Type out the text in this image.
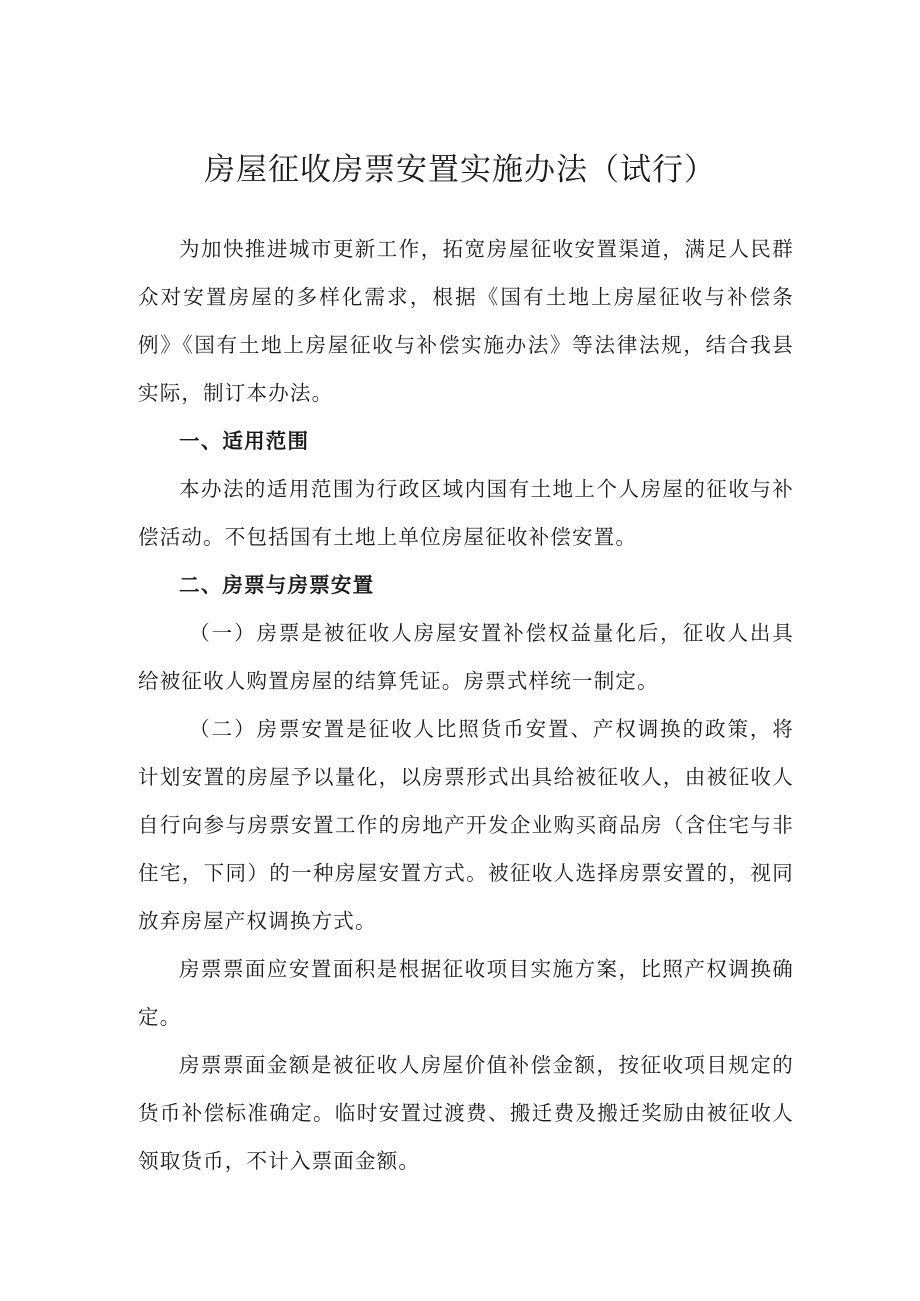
房屋征收房票安置实施办法（试行）

为加快推进城市更新工作，拓宽房屋征收安置渠道，满足人民群众对安置房屋的多样化需求，根据《国有土地上房屋征收与补偿条例》《国有土地上房屋征收与补偿实施办法》等法律法规，结合我县实际，制订本办法。

一、适用范围

本办法的适用范围为行政区域内国有土地上个人房屋的征收与补偿活动。不包括国有土地上单位房屋征收补偿安置。

二、房票与房票安置

（一）房票是被征收人房屋安置补偿权益量化后，征收人出具给被征收人购置房屋的结算凭证。房票式样统一制定。

（二）房票安置是征收人比照货币安置、产权调换的政策，将计划安置的房屋予以量化，以房票形式出具给被征收人，由被征收人自行向参与房票安置工作的房地产开发企业购买商品房（含住宅与非住宅，下同）的一种房屋安置方式。被征收人选择房票安置的，视同放弃房屋产权调换方式。

房票票面应安置面积是根据征收项目实施方案，比照产权调换确定。

房票票面金额是被征收人房屋价值补偿金额，按征收项目规定的货币补偿标准确定。临时安置过渡费、搬迁费及搬迁奖励由被征收人领取货币，不计入票面金额。
